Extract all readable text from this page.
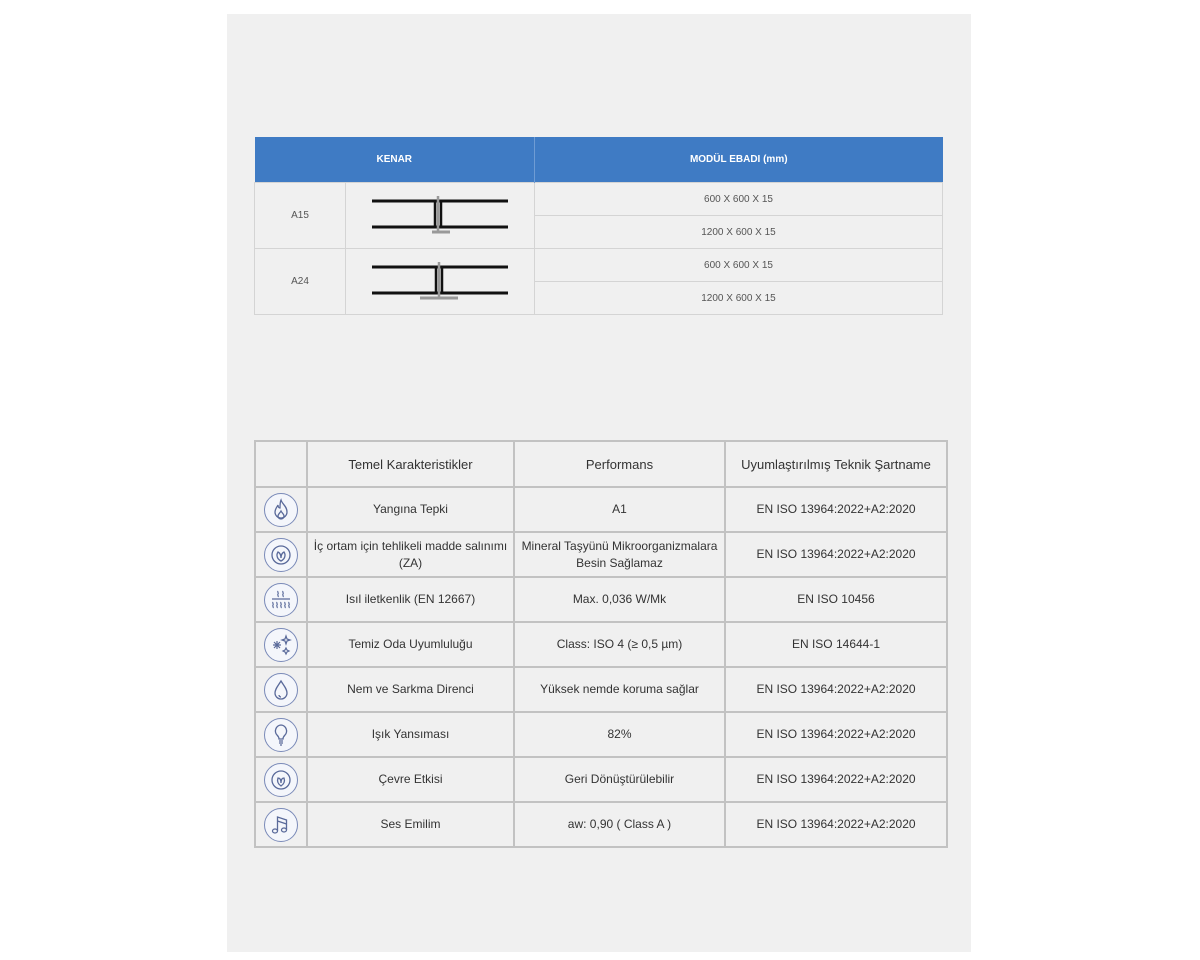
KENAR		MODÜL EBADI (mm)
A15		600 X 600 X 15
		1200 X 600 X 15
A24		600 X 600 X 15
		1200 X 600 X 15
	Temel Karakteristikler	Performans	Uyumlaştırılmış Teknik Şartname

	Yangına Tepki	A1	EN ISO 13964:2022+A2:2020

	İç ortam için tehlikeli madde salınımı (ZA)	Mineral Taşyünü Mikroorganizmalara Besin Sağlamaz	EN ISO 13964:2022+A2:2020

	Isıl iletkenlik (EN 12667)	Max. 0,036 W/Mk	EN ISO 10456

	Temiz Oda Uyumluluğu	Class: ISO 4 (≥ 0,5 µm)	EN ISO 14644-1

	Nem ve Sarkma Direnci	Yüksek nemde koruma sağlar	EN ISO 13964:2022+A2:2020

	Işık Yansıması	82%	EN ISO 13964:2022+A2:2020

	Çevre Etkisi	Geri Dönüştürülebilir	EN ISO 13964:2022+A2:2020

	Ses Emilim	aw: 0,90 ( Class A )	EN ISO 13964:2022+A2:2020
